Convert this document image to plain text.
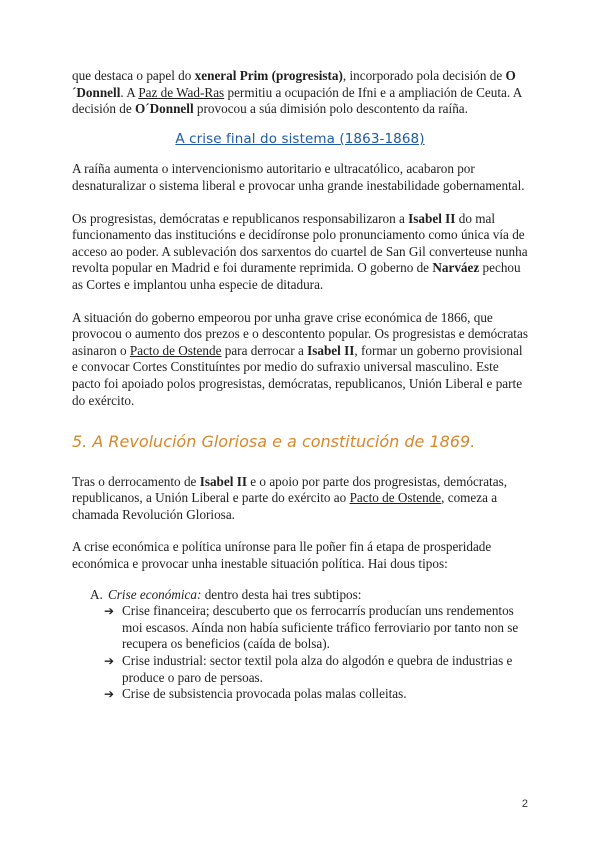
que destaca o papel do xeneral Prim (progresista), incorporado pola decisión de O´Donnell. A Paz de Wad-Ras permitiu a ocupación de Ifni e a ampliación de Ceuta. A decisión de O´Donnell provocou a súa dimisión polo descontento da raíña.

A crise final do sistema (1863-1868)

A raíña aumenta o intervencionismo autoritario e ultracatólico, acabaron por desnaturalizar o sistema liberal e provocar unha grande inestabilidade gobernamental.

Os progresistas, demócratas e republicanos responsabilizaron a Isabel II do mal funcionamento das institucións e decidíronse polo pronunciamento como única vía de acceso ao poder. A sublevación dos sarxentos do cuartel de San Gil converteuse nunha revolta popular en Madrid e foi duramente reprimida. O goberno de Narváez pechou as Cortes e implantou unha especie de ditadura.

A situación do goberno empeorou por unha grave crise económica de 1866, que provocou o aumento dos prezos e o descontento popular. Os progresistas e demócratas asinaron o Pacto de Ostende para derrocar a Isabel II, formar un goberno provisional e convocar Cortes Constituíntes por medio do sufraxio universal masculino. Este pacto foi apoiado polos progresistas, demócratas, republicanos, Unión Liberal e parte do exército.

5. A Revolución Gloriosa e a constitución de 1869.

Tras o derrocamento de Isabel II e o apoio por parte dos progresistas, demócratas, republicanos, a Unión Liberal e parte do exército ao Pacto de Ostende, comeza a chamada Revolución Gloriosa.

A crise económica e política uníronse para lle poñer fin á etapa de prosperidade económica e provocar unha inestable situación política. Hai dous tipos:

A. Crise económica: dentro desta hai tres subtipos:
➔ Crise financeira; descuberto que os ferrocarrís producían uns rendementos moi escasos. Aínda non había suficiente tráfico ferroviario por tanto non se recupera os beneficios (caída de bolsa).
➔ Crise industrial: sector textil pola alza do algodón e quebra de industrias e produce o paro de persoas.
➔ Crise de subsistencia provocada polas malas colleitas.
2
